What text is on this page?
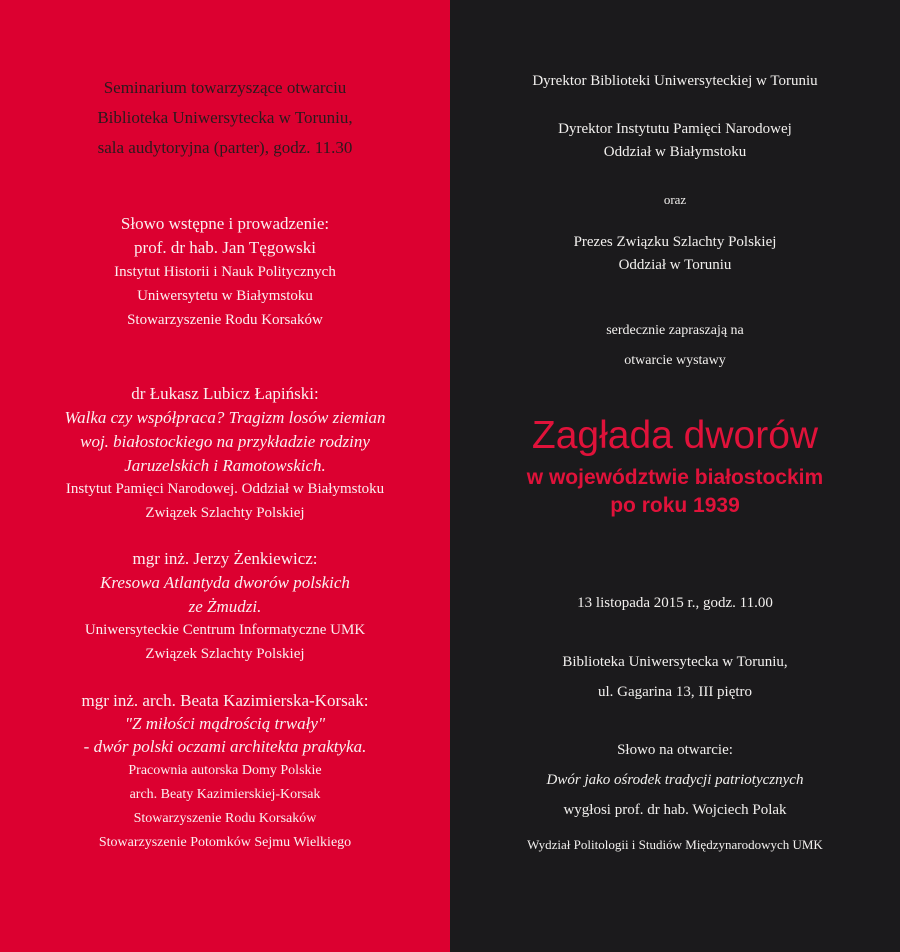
Seminarium towarzyszące otwarciu
Biblioteka Uniwersytecka w Toruniu,
sala audytoryjna (parter), godz. 11.30
Słowo wstępne i prowadzenie:
prof. dr hab. Jan Tęgowski
Instytut Historii i Nauk Politycznych
Uniwersytetu w Białymstoku
Stowarzyszenie Rodu Korsaków
dr Łukasz Lubicz Łapiński:
Walka czy współpraca? Tragizm losów ziemian
woj. białostockiego na przykładzie rodziny
Jaruzelskich i Ramotowskich.
Instytut Pamięci Narodowej. Oddział w Białymstoku
Związek Szlachty Polskiej
mgr inż. Jerzy Żenkiewicz:
Kresowa Atlantyda dworów polskich
ze Żmudzi.
Uniwersyteckie Centrum Informatyczne UMK
Związek Szlachty Polskiej
mgr inż. arch. Beata Kazimierska-Korsak:
"Z miłości mądrością trwały"
- dwór polski oczami architekta praktyka.
Pracownia autorska Domy Polskie
arch. Beaty Kazimierskiej-Korsak
Stowarzyszenie Rodu Korsaków
Stowarzyszenie Potomków Sejmu Wielkiego
Dyrektor Biblioteki Uniwersyteckiej w Toruniu
Dyrektor Instytutu Pamięci Narodowej
Oddział w Białymstoku
oraz
Prezes Związku Szlachty Polskiej
Oddział w Toruniu
serdecznie zapraszają na
otwarcie wystawy
Zagłada dworów
w województwie białostockim
po roku 1939
13 listopada 2015 r., godz. 11.00
Biblioteka Uniwersytecka w Toruniu,
ul. Gagarina 13, III piętro
Słowo na otwarcie:
Dwór jako ośrodek tradycji patriotycznych
wygłosi prof. dr hab. Wojciech Polak
Wydział Politologii i Studiów Międzynarodowych UMK
